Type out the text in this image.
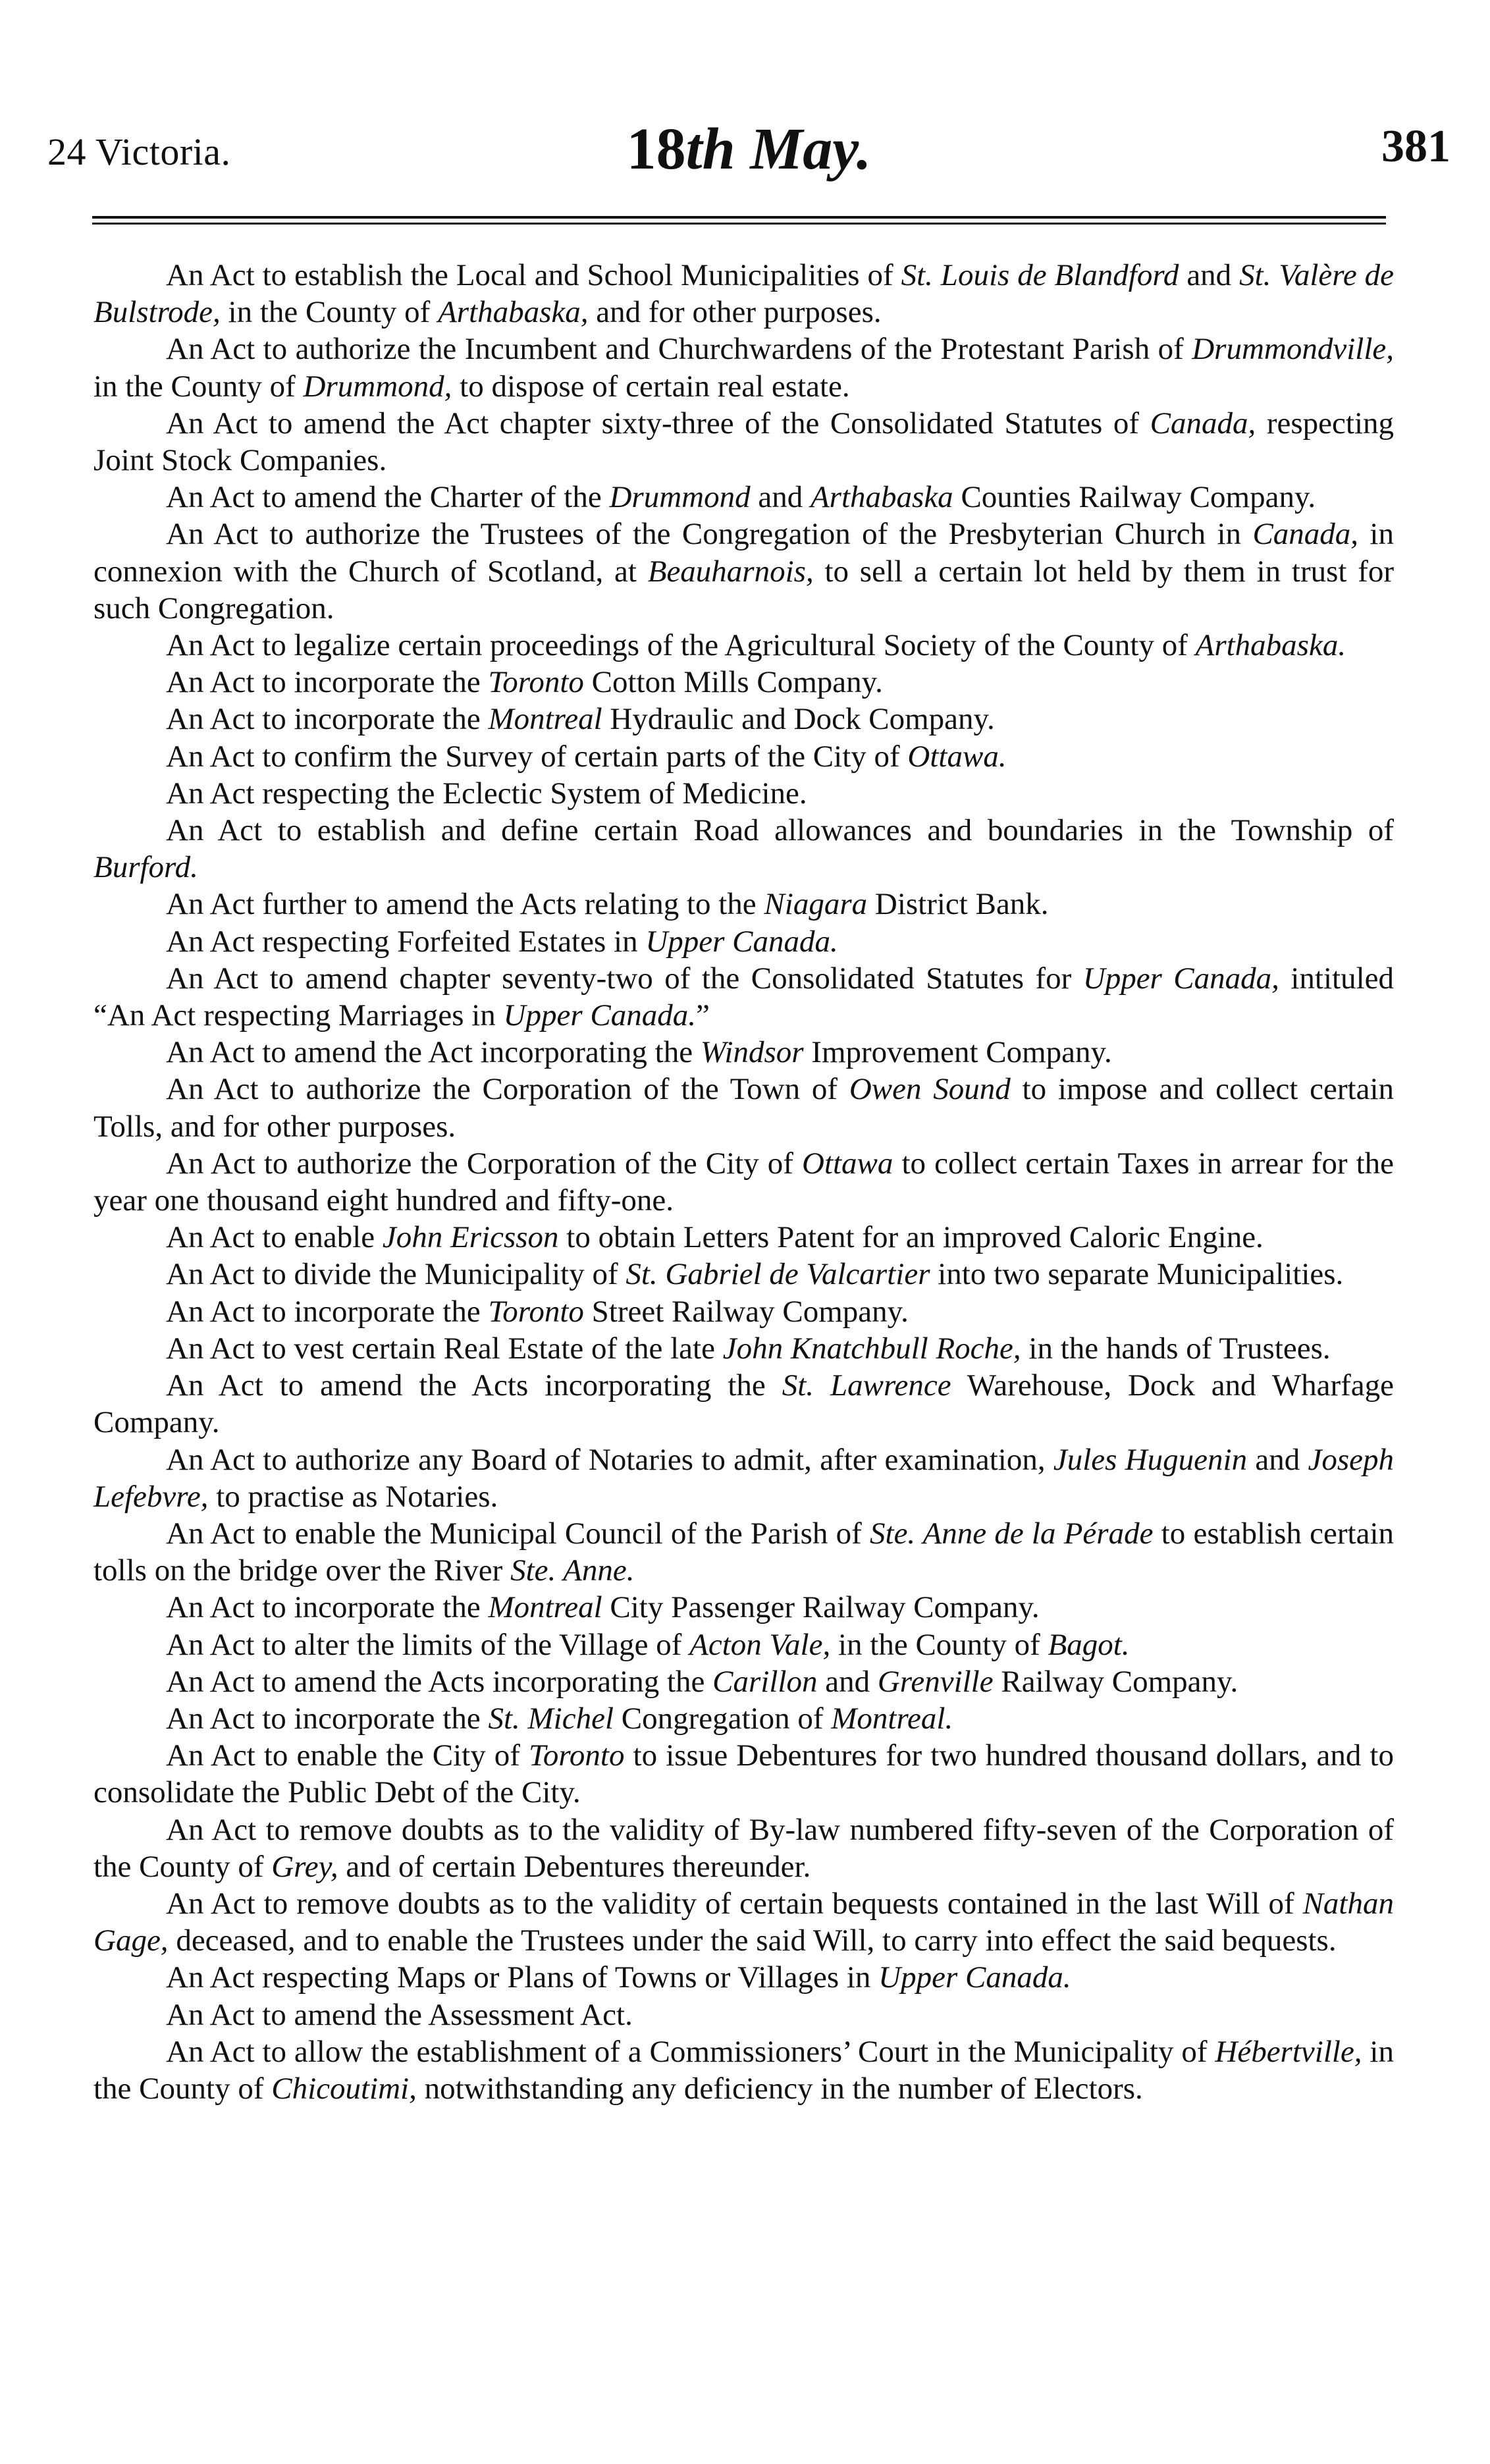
24 Victoria.	18th May.	381

An Act to establish the Local and School Municipalities of St. Louis de Blandford and St. Valère de Bulstrode, in the County of Arthabaska, and for other purposes.

An Act to authorize the Incumbent and Churchwardens of the Protestant Parish of Drummondville, in the County of Drummond, to dispose of certain real estate.

An Act to amend the Act chapter sixty-three of the Consolidated Statutes of Canada, respecting Joint Stock Companies.

An Act to amend the Charter of the Drummond and Arthabaska Counties Railway Company.

An Act to authorize the Trustees of the Congregation of the Presbyterian Church in Canada, in connexion with the Church of Scotland, at Beauharnois, to sell a certain lot held by them in trust for such Congregation.

An Act to legalize certain proceedings of the Agricultural Society of the County of Arthabaska.

An Act to incorporate the Toronto Cotton Mills Company.

An Act to incorporate the Montreal Hydraulic and Dock Company.

An Act to confirm the Survey of certain parts of the City of Ottawa.

An Act respecting the Eclectic System of Medicine.

An Act to establish and define certain Road allowances and boundaries in the Township of Burford.

An Act further to amend the Acts relating to the Niagara District Bank.

An Act respecting Forfeited Estates in Upper Canada.

An Act to amend chapter seventy-two of the Consolidated Statutes for Upper Canada, intituled “An Act respecting Marriages in Upper Canada.”

An Act to amend the Act incorporating the Windsor Improvement Company.

An Act to authorize the Corporation of the Town of Owen Sound to impose and collect certain Tolls, and for other purposes.

An Act to authorize the Corporation of the City of Ottawa to collect certain Taxes in arrear for the year one thousand eight hundred and fifty-one.

An Act to enable John Ericsson to obtain Letters Patent for an improved Caloric Engine.

An Act to divide the Municipality of St. Gabriel de Valcartier into two separate Municipalities.

An Act to incorporate the Toronto Street Railway Company.

An Act to vest certain Real Estate of the late John Knatchbull Roche, in the hands of Trustees.

An Act to amend the Acts incorporating the St. Lawrence Warehouse, Dock and Wharfage Company.

An Act to authorize any Board of Notaries to admit, after examination, Jules Huguenin and Joseph Lefebvre, to practise as Notaries.

An Act to enable the Municipal Council of the Parish of Ste. Anne de la Pérade to establish certain tolls on the bridge over the River Ste. Anne.

An Act to incorporate the Montreal City Passenger Railway Company.

An Act to alter the limits of the Village of Acton Vale, in the County of Bagot.

An Act to amend the Acts incorporating the Carillon and Grenville Railway Company.

An Act to incorporate the St. Michel Congregation of Montreal.

An Act to enable the City of Toronto to issue Debentures for two hundred thousand dollars, and to consolidate the Public Debt of the City.

An Act to remove doubts as to the validity of By-law numbered fifty-seven of the Corporation of the County of Grey, and of certain Debentures thereunder.

An Act to remove doubts as to the validity of certain bequests contained in the last Will of Nathan Gage, deceased, and to enable the Trustees under the said Will, to carry into effect the said bequests.

An Act respecting Maps or Plans of Towns or Villages in Upper Canada.

An Act to amend the Assessment Act.

An Act to allow the establishment of a Commissioners’ Court in the Municipality of Hébertville, in the County of Chicoutimi, notwithstanding any deficiency in the number of Electors.
